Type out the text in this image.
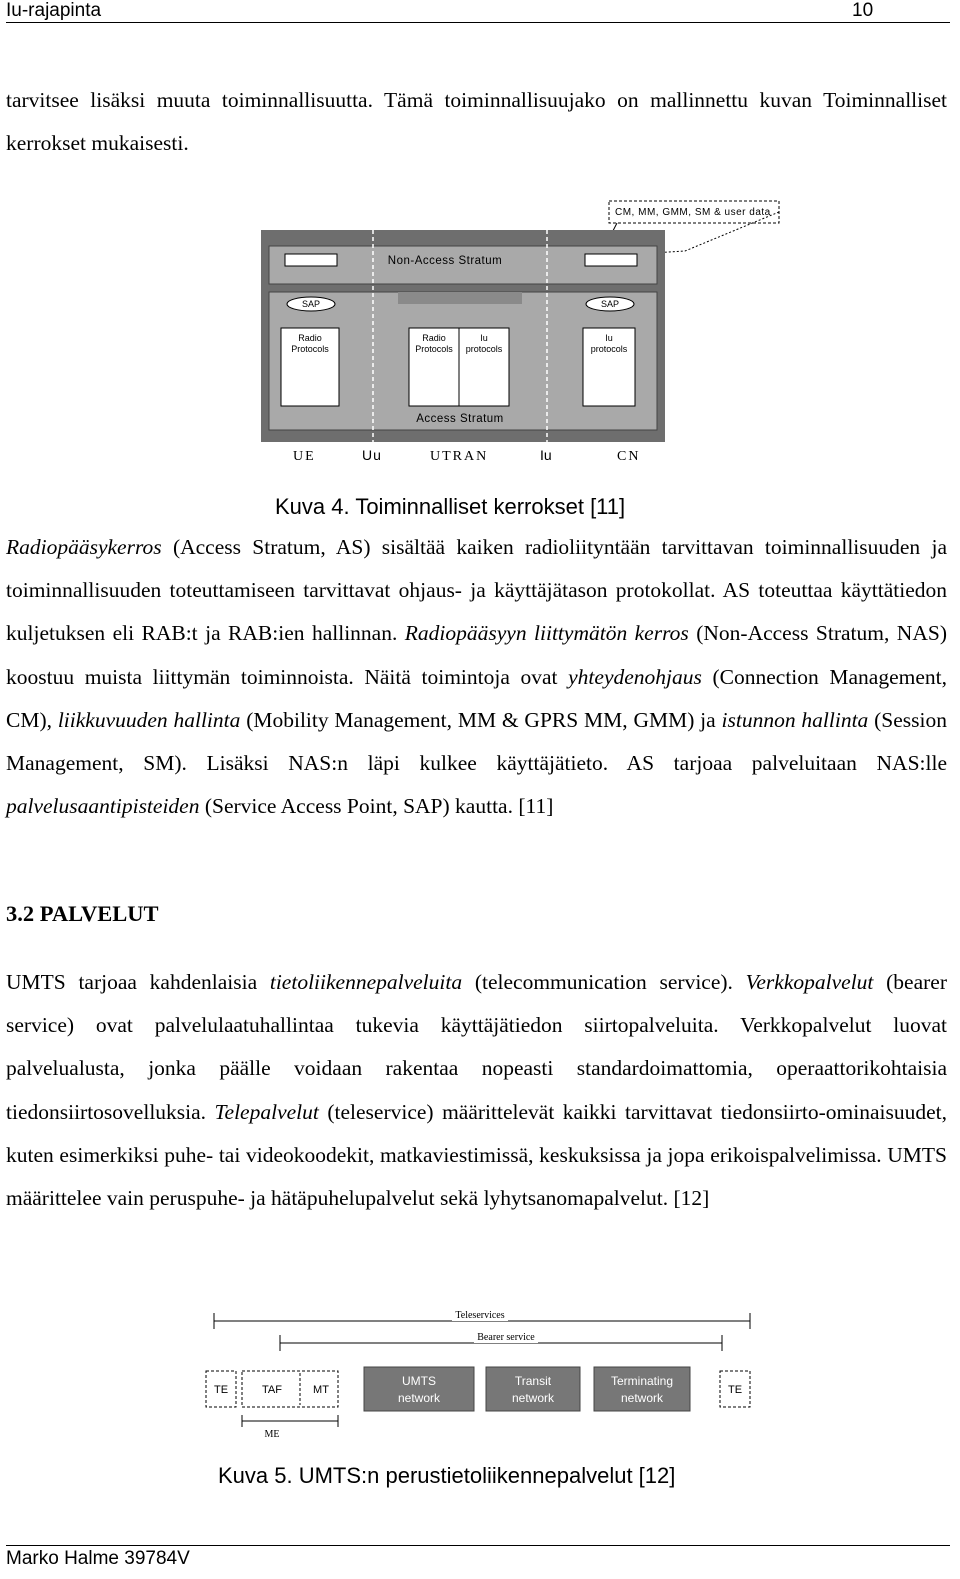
Iu-rajapinta	10

tarvitsee lisäksi muuta toiminnallisuutta. Tämä toiminnallisuujako on mallinnettu kuvan Toiminnalliset kerrokset mukaisesti.

CM, MM, GMM, SM & user data
Non-Access Stratum
SAP	SAP
Radio
Protocols
Radio
Protocols
Iu
protocols
Iu
protocols
Access Stratum
UE	Uu	UTRAN	Iu	CN
Kuva 4. Toiminnalliset kerrokset [11]

Radiopääsykerros (Access Stratum, AS) sisältää kaiken radioliityntään tarvittavan toiminnallisuuden ja toiminnallisuuden toteuttamiseen tarvittavat ohjaus- ja käyttäjätason protokollat. AS toteuttaa käyttätiedon kuljetuksen eli RAB:t ja RAB:ien hallinnan. Radiopääsyyn liittymätön kerros (Non-Access Stratum, NAS) koostuu muista liittymän toiminnoista. Näitä toimintoja ovat yhteydenohjaus (Connection Management, CM), liikkuvuuden hallinta (Mobility Management, MM & GPRS MM, GMM) ja istunnon hallinta (Session Management, SM). Lisäksi NAS:n läpi kulkee käyttäjätieto. AS tarjoaa palveluitaan NAS:lle palvelusaantipisteiden (Service Access Point, SAP) kautta. [11]

3.2 PALVELUT

UMTS tarjoaa kahdenlaisia tietoliikennepalveluita (telecommunication service). Verkkopalvelut (bearer service) ovat palvelulaatuhallintaa tukevia käyttäjätiedon siirtopalveluita. Verkkopalvelut luovat palvelualusta, jonka päälle voidaan rakentaa nopeasti standardoimattomia, operaattorikohtaisia tiedonsiirtosovelluksia. Telepalvelut (teleservice) määrittelevät kaikki tarvittavat tiedonsiirto-ominaisuudet, kuten esimerkiksi puhe- tai videokoodekit, matkaviestimissä, keskuksissa ja jopa erikoispalvelimissa. UMTS määrittelee vain peruspuhe- ja hätäpuhelupalvelut sekä lyhytsanomapalvelut. [12]

Teleservices
Bearer service
TE	TAF	MT
UMTS
network
Transit
network
Terminating
network
TE
ME
Kuva 5. UMTS:n perustietoliikennepalvelut [12]
Marko Halme 39784V
